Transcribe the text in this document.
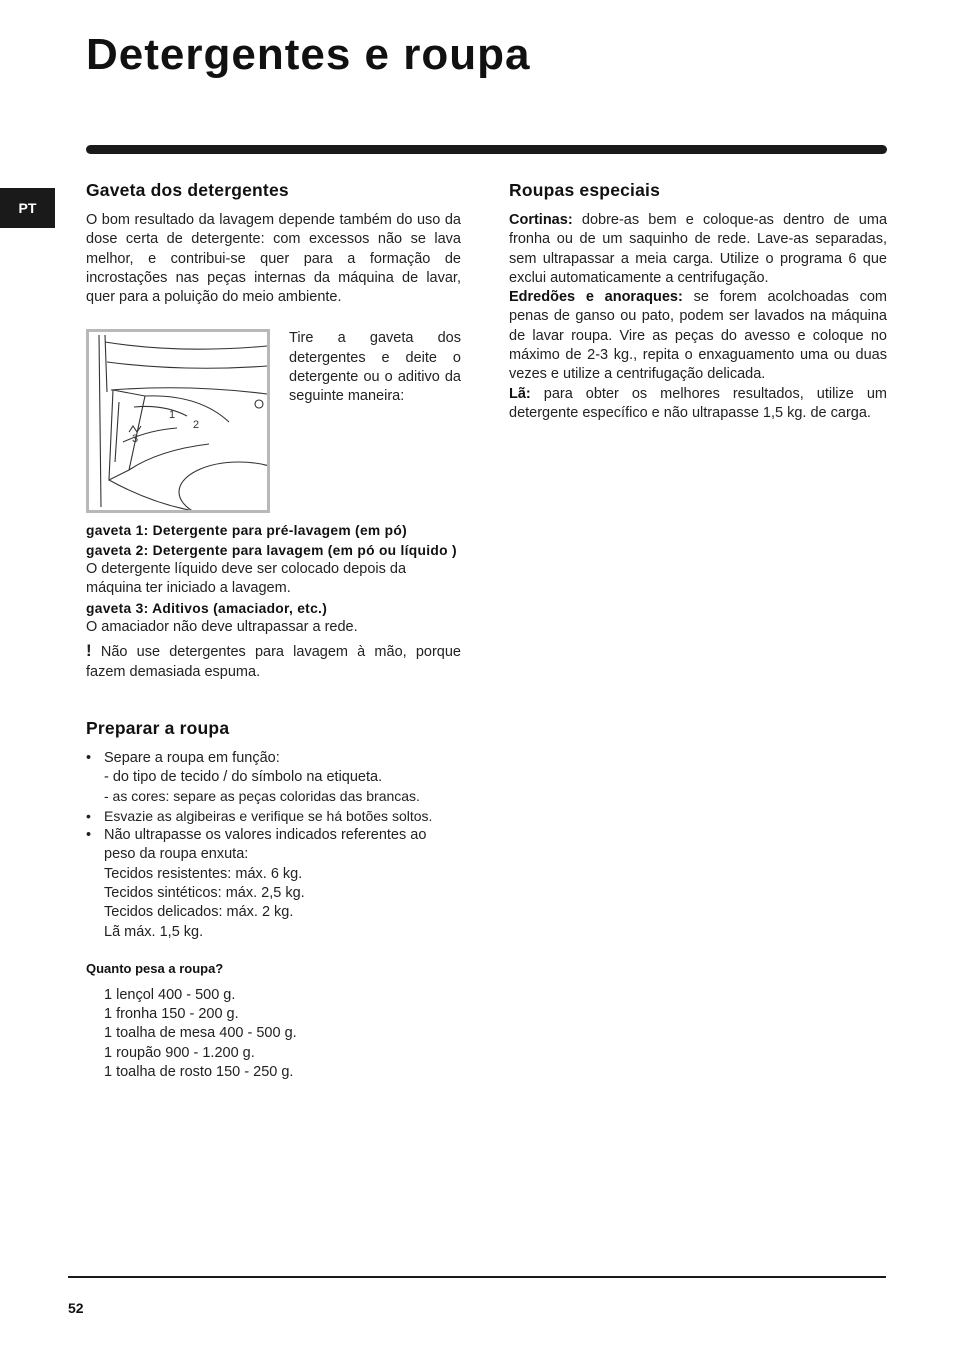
Detergentes e roupa
PT
Gaveta dos detergentes

O bom resultado da lavagem depende também do uso da dose certa de detergente: com excessos não se lava melhor, e contribui-se quer para a formação de incrostações nas peças internas da máquina de lavar, quer para a poluição do meio ambiente.

1
2
3

Tire a gaveta dos detergentes e deite o detergente ou o aditivo da seguinte maneira:

gaveta 1: Detergente para pré-lavagem (em pó)

gaveta 2: Detergente para lavagem (em pó ou líquido )

O detergente líquido deve ser colocado depois da máquina ter iniciado a lavagem.

gaveta 3: Aditivos (amaciador, etc.)

O amaciador não deve ultrapassar a rede.

! Não use detergentes para lavagem à mão, porque fazem demasiada espuma.

Preparar a roupa
• Separe a roupa em função:
- do tipo de tecido / do símbolo na etiqueta.
- as cores: separe as peças coloridas das brancas.
• Esvazie as algibeiras e verifique se há botões soltos.
• Não ultrapasse os valores indicados referentes ao peso da roupa enxuta:
Tecidos resistentes: máx. 6 kg.
Tecidos sintéticos: máx. 2,5 kg.
Tecidos delicados: máx. 2 kg.
Lã máx. 1,5 kg.
Quanto pesa a roupa?
1 lençol 400 - 500 g.
1 fronha 150 - 200 g.
1 toalha de mesa 400 - 500 g.
1 roupão 900 - 1.200 g.
1 toalha de rosto 150 - 250 g.
Roupas especiais

Cortinas: dobre-as bem e coloque-as dentro de uma fronha ou de um saquinho de rede. Lave-as separadas, sem ultrapassar a meia carga. Utilize o programa 6 que exclui automaticamente a centrifugação.

Edredões e anoraques: se forem acolchoadas com penas de ganso ou pato, podem ser lavados na máquina de lavar roupa. Vire as peças do avesso e coloque no máximo de 2-3 kg., repita o enxaguamento uma ou duas vezes e utilize a centrifugação delicada.

Lã: para obter os melhores resultados, utilize um detergente específico e não ultrapasse 1,5 kg. de carga.

52
